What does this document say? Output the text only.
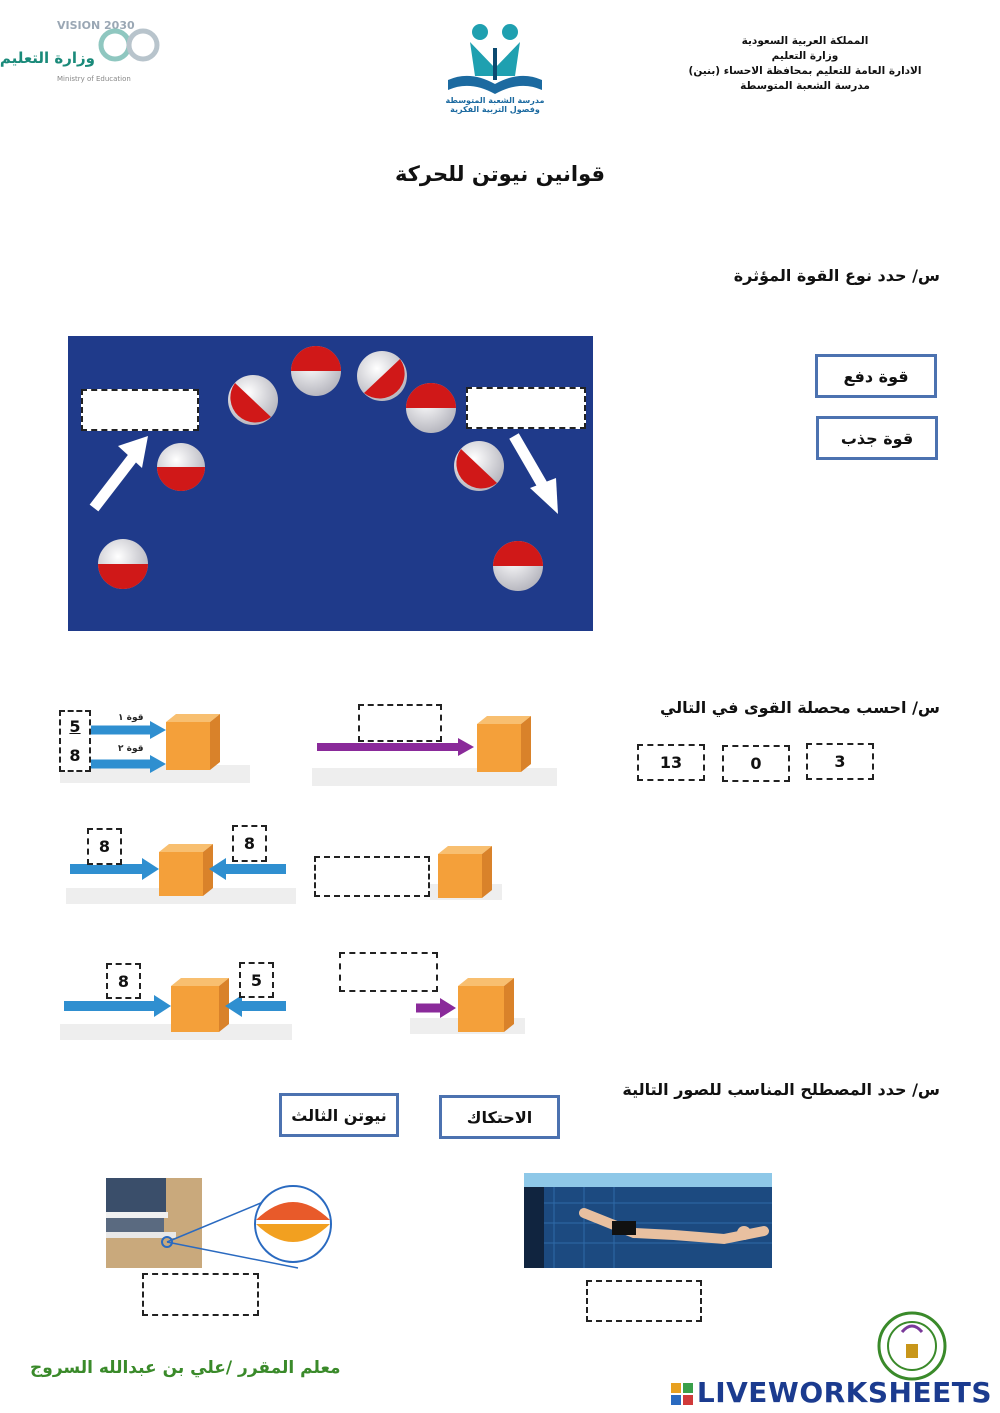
VISION 2030
وزارة التعليم
Ministry of Education
مدرسة الشعبة المتوسطة
وفصول التربية الفكرية
المملكة العربية السعودية
وزارة التعليم
الادارة العامة للتعليم بمحافظة الاحساء (بنين)
مدرسة الشعبة المتوسطة
قوانين نيوتن للحركة
س/ حدد نوع القوة المؤثرة
قوة دفع
قوة جذب
س/ احسب محصلة القوى في التالي
13	0	3
قوة ١
قوة ٢
5
8
8	8
8	5
س/ حدد المصطلح المناسب للصور التالية
نيوتن الثالث	الاحتكاك
معلم المقرر /علي بن عبدالله السروج
LIVEWORKSHEETS
